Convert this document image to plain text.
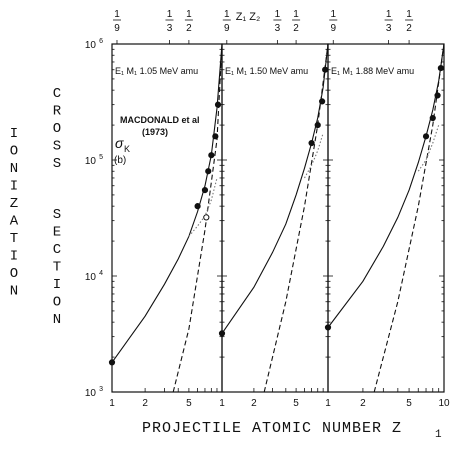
I
O
N
I
Z
A
T
I
O
N
C
R
O
S
S
S
E
C
T
I
O
N
σ K
(b)
Z₁ Z₂
10 3
10 4
10 5
10 6
1	2	5
1
9
1
3
1
2
E₁ M₁ 1.05 MeV amu
1	2	5
1
9
1
3
1
2
E₁ M₁ 1.50 MeV amu
1	2	5	10
1
9
1
3
1
2
E₁ M₁ 1.88 MeV amu
MACDONALD et al
(1973)
PROJECTILE ATOMIC NUMBER Z	1
